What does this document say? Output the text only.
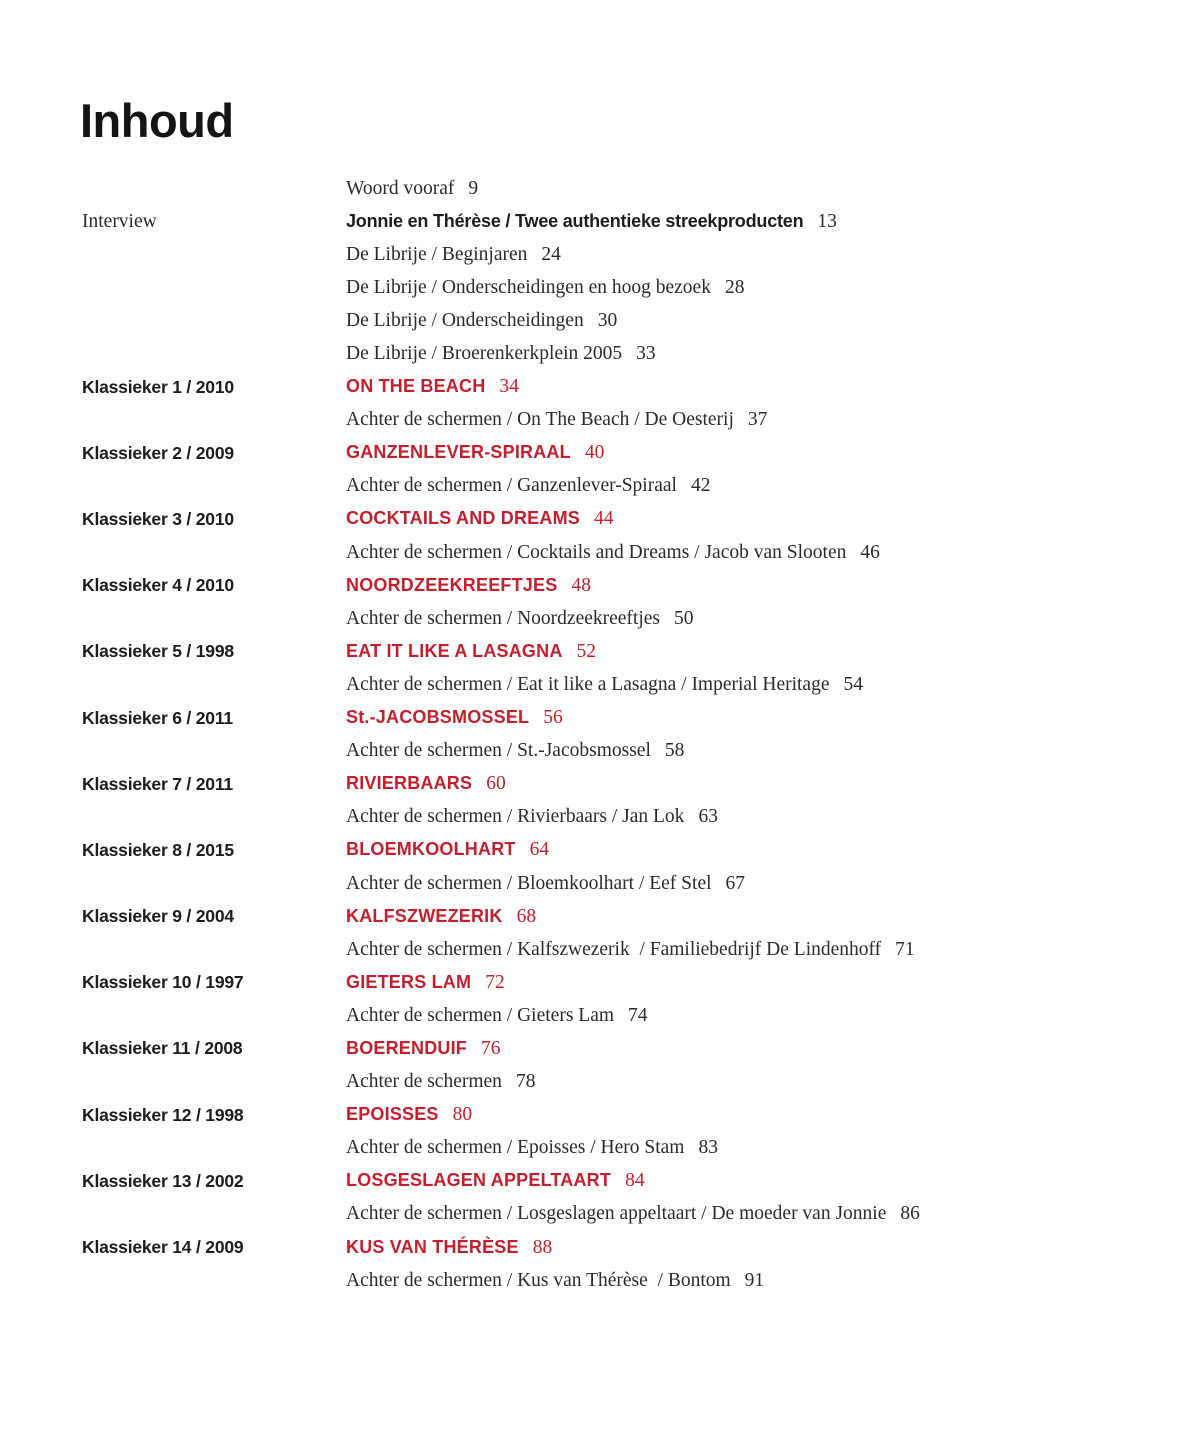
Inhoud
Woord vooraf 9
Interview	Jonnie en Thérèse / Twee authentieke streekproducten 13
De Librije / Beginjaren 24
De Librije / Onderscheidingen en hoog bezoek 28
De Librije / Onderscheidingen 30
De Librije / Broerenkerkplein 2005 33
Klassieker 1 / 2010	ON THE BEACH 34
Achter de schermen / On The Beach / De Oesterij 37
Klassieker 2 / 2009	GANZENLEVER-SPIRAAL 40
Achter de schermen / Ganzenlever-Spiraal 42
Klassieker 3 / 2010	COCKTAILS AND DREAMS 44
Achter de schermen / Cocktails and Dreams / Jacob van Slooten 46
Klassieker 4 / 2010	NOORDZEEKREEFTJES 48
Achter de schermen / Noordzeekreeftjes 50
Klassieker 5 / 1998	EAT IT LIKE A LASAGNA 52
Achter de schermen / Eat it like a Lasagna / Imperial Heritage 54
Klassieker 6 / 2011	St.-JACOBSMOSSEL 56
Achter de schermen / St.-Jacobsmossel 58
Klassieker 7 / 2011	RIVIERBAARS 60
Achter de schermen / Rivierbaars / Jan Lok 63
Klassieker 8 / 2015	BLOEMKOOLHART 64
Achter de schermen / Bloemkoolhart / Eef Stel 67
Klassieker 9 / 2004	KALFSZWEZERIK 68
Achter de schermen / Kalfszwezerik  / Familiebedrijf De Lindenhoff 71
Klassieker 10 / 1997	GIETERS LAM 72
Achter de schermen / Gieters Lam 74
Klassieker 11 / 2008	BOERENDUIF 76
Achter de schermen 78
Klassieker 12 / 1998	EPOISSES 80
Achter de schermen / Epoisses / Hero Stam 83
Klassieker 13 / 2002	LOSGESLAGEN APPELTAART 84
Achter de schermen / Losgeslagen appeltaart / De moeder van Jonnie 86
Klassieker 14 / 2009	KUS VAN THÉRÈSE 88
Achter de schermen / Kus van Thérèse  / Bontom 91
